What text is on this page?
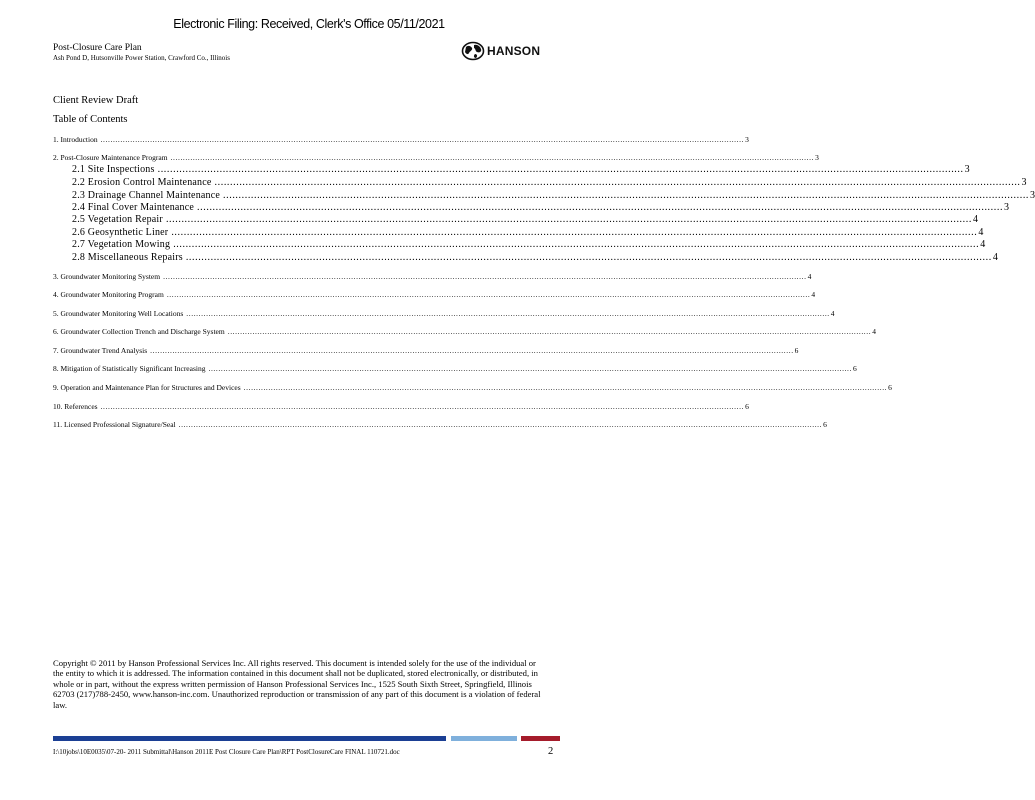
Electronic Filing: Received, Clerk's Office 05/11/2021
Post-Closure Care Plan
Ash Pond D, Hutsonville Power Station, Crawford Co., Illinois	HANSON
Client Review Draft
Table of Contents
1. Introduction .................................................................................................................................................................................................................................................................... 3
2. Post-Closure Maintenance Program .................................................................................................................................................................................................................................................................... 3
2.1 Site Inspections .................................................................................................................................................................................................................................................................... 3
2.2 Erosion Control Maintenance .................................................................................................................................................................................................................................................................... 3
2.3 Drainage Channel Maintenance .................................................................................................................................................................................................................................................................... 3
2.4 Final Cover Maintenance .................................................................................................................................................................................................................................................................... 3
2.5 Vegetation Repair .................................................................................................................................................................................................................................................................... 4
2.6 Geosynthetic Liner .................................................................................................................................................................................................................................................................... 4
2.7 Vegetation Mowing .................................................................................................................................................................................................................................................................... 4
2.8 Miscellaneous Repairs .................................................................................................................................................................................................................................................................... 4
3. Groundwater Monitoring System .................................................................................................................................................................................................................................................................... 4
4. Groundwater Monitoring Program .................................................................................................................................................................................................................................................................... 4
5. Groundwater Monitoring Well Locations .................................................................................................................................................................................................................................................................... 4
6. Groundwater Collection Trench and Discharge System .................................................................................................................................................................................................................................................................... 4
7. Groundwater Trend Analysis .................................................................................................................................................................................................................................................................... 6
8. Mitigation of Statistically Significant Increasing .................................................................................................................................................................................................................................................................... 6
9. Operation and Maintenance Plan for Structures and Devices .................................................................................................................................................................................................................................................................... 6
10. References .................................................................................................................................................................................................................................................................... 6
11. Licensed Professional Signature/Seal .................................................................................................................................................................................................................................................................... 6
Copyright © 2011 by Hanson Professional Services Inc. All rights reserved. This document is intended solely for the use of the individual or the entity to which it is addressed. The information contained in this document shall not be duplicated, stored electronically, or distributed, in whole or in part, without the express written permission of Hanson Professional Services Inc., 1525 South Sixth Street, Springfield, Illinois 62703 (217)788-2450, www.hanson-inc.com. Unauthorized reproduction or transmission of any part of this document is a violation of federal law.
I:\10jobs\10E0035\07-20- 2011 Submittal\Hanson 2011E Post Closure Care Plan\RPT PostClosureCare FINAL 110721.doc	2
